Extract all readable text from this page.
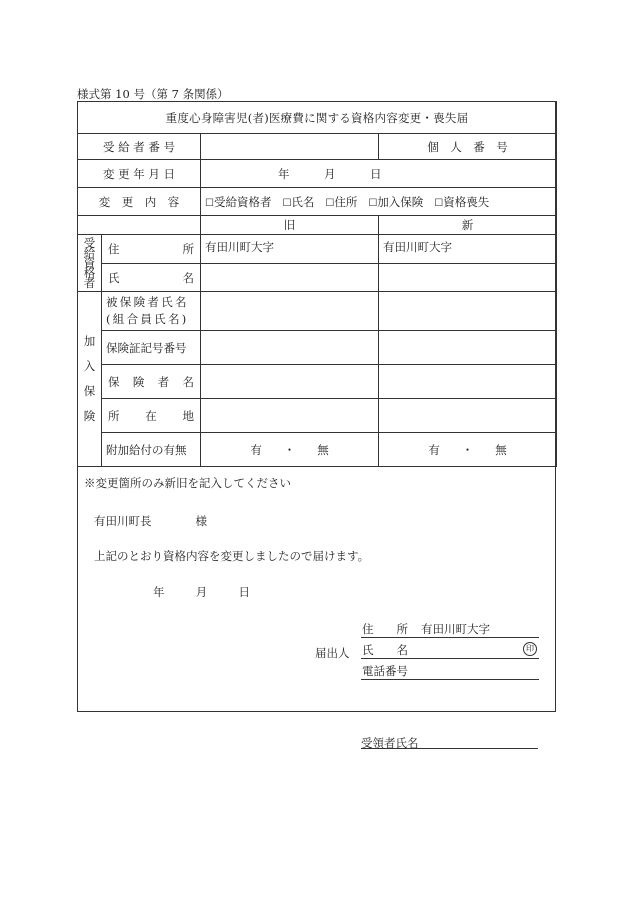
様式第 10 号（第 7 条関係）
重度心身障害児(者)医療費に関する資格内容変更・喪失届			
受 給 者 番 号			個　人　番　号
変 更 年 月 日		年　　　月　　　日	
変　更　内　容		☐受給資格者 ☐氏名 ☐住所 ☐加入保険 ☐資格喪失	
		旧	新
受
給
資
格
者	住 所	有田川町大字	有田川町大字

	氏 名		

加
入
保
険	被保険者氏名
(組合員氏名)		
	保険証記号番号		

	保 険 者 名		

	所 在 地		

	附加給付の有無	有 ・ 無	有 ・ 無
※変更箇所のみ新旧を記入してください
有田川町長	様
上記のとおり資格内容を変更しましたので届けます。
年　 月　 日
届出人
住　　所 有田川町大字
氏　　名	印
電話番号
受領者氏名
